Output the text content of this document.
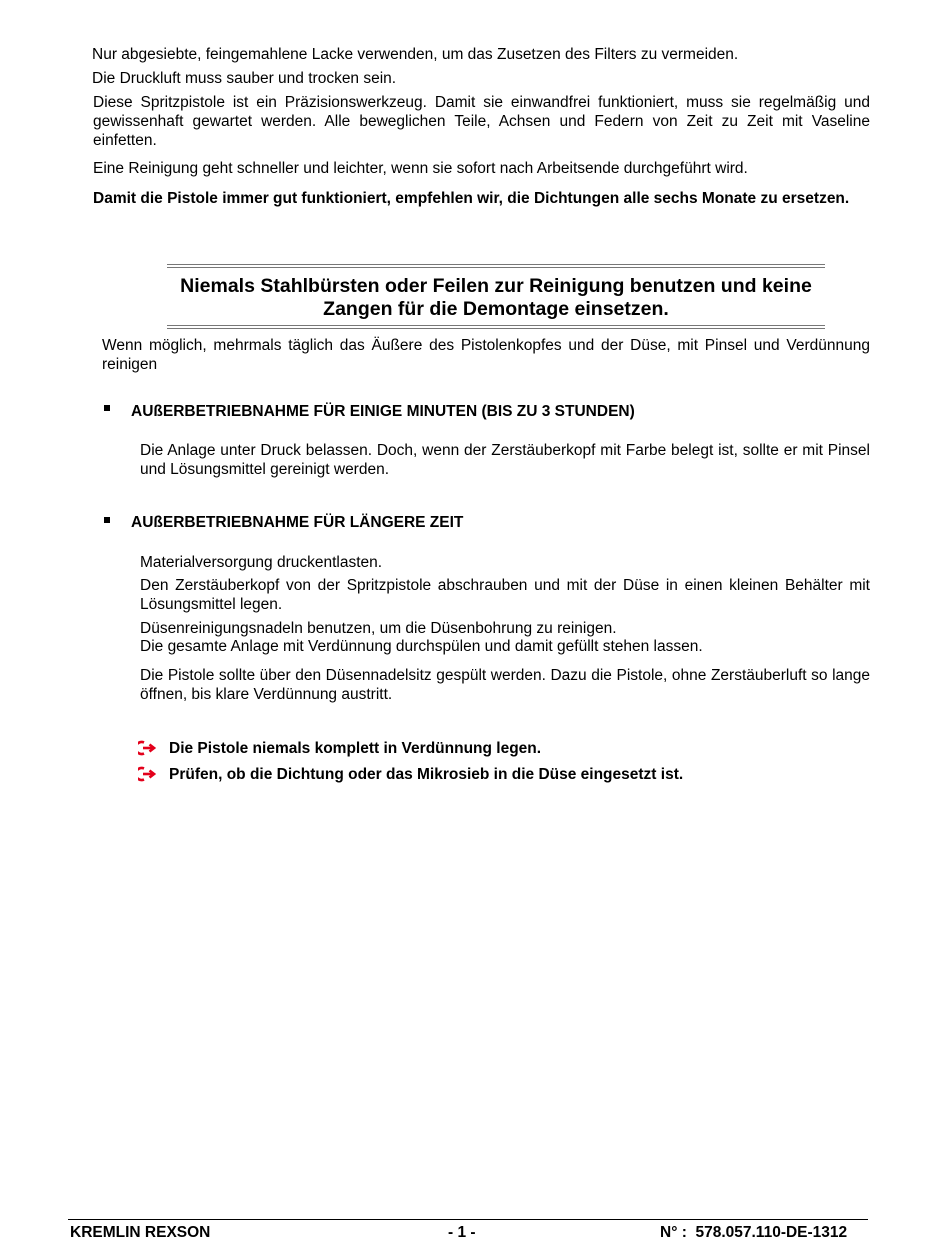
Nur abgesiebte, feingemahlene Lacke verwenden, um das Zusetzen des Filters zu vermeiden.

Die Druckluft muss sauber und trocken sein.

Diese Spritzpistole ist ein Präzisionswerkzeug. Damit sie einwandfrei funktioniert, muss sie regelmäßig und gewissenhaft gewartet werden. Alle beweglichen Teile, Achsen und Federn von Zeit zu Zeit mit Vaseline einfetten.

Eine Reinigung geht schneller und leichter, wenn sie sofort nach Arbeitsende durchgeführt wird.

Damit die Pistole immer gut funktioniert, empfehlen wir, die Dichtungen alle sechs Monate zu ersetzen.

Niemals Stahlbürsten oder Feilen zur Reinigung benutzen und keine Zangen für die Demontage einsetzen.

Wenn möglich, mehrmals täglich das Äußere des Pistolenkopfes und der Düse, mit Pinsel und Verdünnung reinigen

AUßERBETRIEBNAHME FÜR EINIGE MINUTEN (BIS ZU 3 STUNDEN)

Die Anlage unter Druck belassen. Doch, wenn der Zerstäuberkopf mit Farbe belegt ist, sollte er mit Pinsel und Lösungsmittel gereinigt werden.

AUßERBETRIEBNAHME FÜR LÄNGERE ZEIT

Materialversorgung druckentlasten.

Den Zerstäuberkopf von der Spritzpistole abschrauben und mit der Düse in einen kleinen Behälter mit Lösungsmittel legen.

Düsenreinigungsnadeln benutzen, um die Düsenbohrung zu reinigen.

Die gesamte Anlage mit Verdünnung durchspülen und damit gefüllt stehen lassen.

Die Pistole sollte über den Düsennadelsitz gespült werden. Dazu die Pistole, ohne Zerstäuberluft so lange   öffnen, bis klare Verdünnung austritt.

Die Pistole niemals komplett in Verdünnung legen.
Prüfen, ob die Dichtung oder das Mikrosieb in die Düse eingesetzt ist.
KREMLIN REXSON	- 1 -	N° :  578.057.110-DE-1312
